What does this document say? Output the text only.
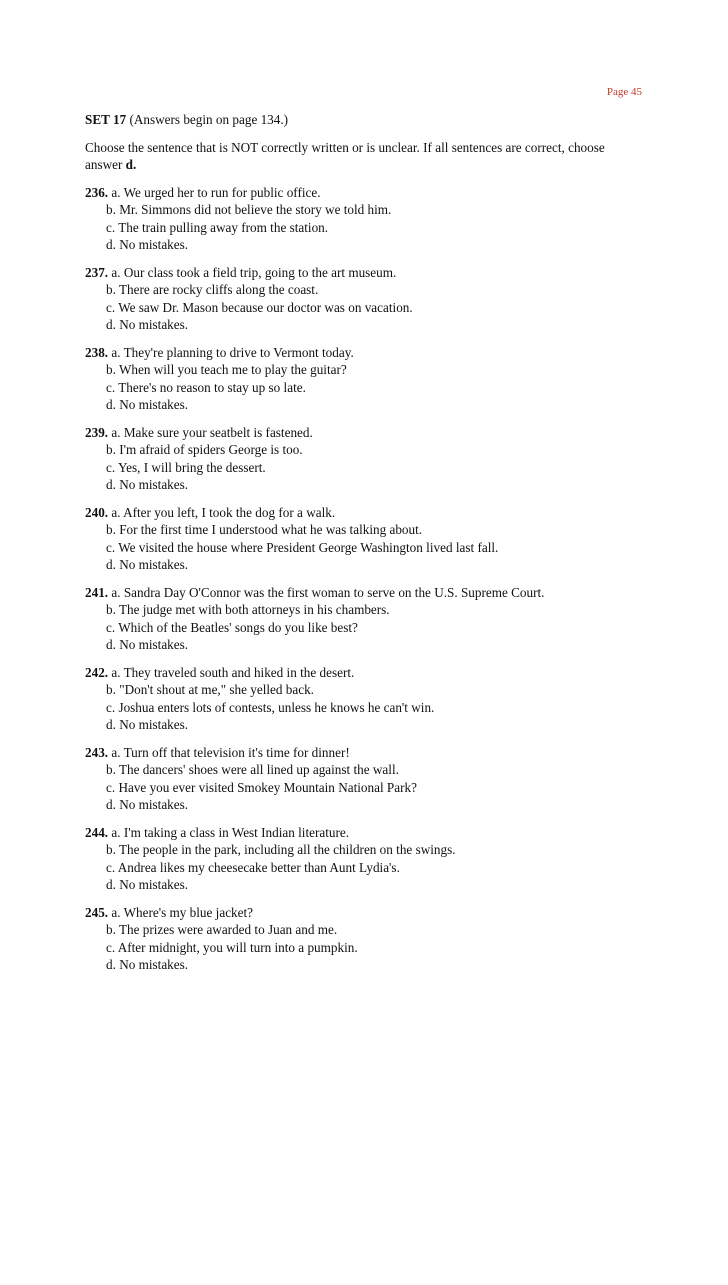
Page 45
SET 17 (Answers begin on page 134.)
Choose the sentence that is NOT correctly written or is unclear. If all sentences are correct, choose answer d.
236. a. We urged her to run for public office.
b. Mr. Simmons did not believe the story we told him.
c. The train pulling away from the station.
d. No mistakes.
237. a. Our class took a field trip, going to the art museum.
b. There are rocky cliffs along the coast.
c. We saw Dr. Mason because our doctor was on vacation.
d. No mistakes.
238. a. They're planning to drive to Vermont today.
b. When will you teach me to play the guitar?
c. There's no reason to stay up so late.
d. No mistakes.
239. a. Make sure your seatbelt is fastened.
b. I'm afraid of spiders George is too.
c. Yes, I will bring the dessert.
d. No mistakes.
240. a. After you left, I took the dog for a walk.
b. For the first time I understood what he was talking about.
c. We visited the house where President George Washington lived last fall.
d. No mistakes.
241. a. Sandra Day O'Connor was the first woman to serve on the U.S. Supreme Court.
b. The judge met with both attorneys in his chambers.
c. Which of the Beatles' songs do you like best?
d. No mistakes.
242. a. They traveled south and hiked in the desert.
b. "Don't shout at me," she yelled back.
c. Joshua enters lots of contests, unless he knows he can't win.
d. No mistakes.
243. a. Turn off that television it's time for dinner!
b. The dancers' shoes were all lined up against the wall.
c. Have you ever visited Smokey Mountain National Park?
d. No mistakes.
244. a. I'm taking a class in West Indian literature.
b. The people in the park, including all the children on the swings.
c. Andrea likes my cheesecake better than Aunt Lydia's.
d. No mistakes.
245. a. Where's my blue jacket?
b. The prizes were awarded to Juan and me.
c. After midnight, you will turn into a pumpkin.
d. No mistakes.
